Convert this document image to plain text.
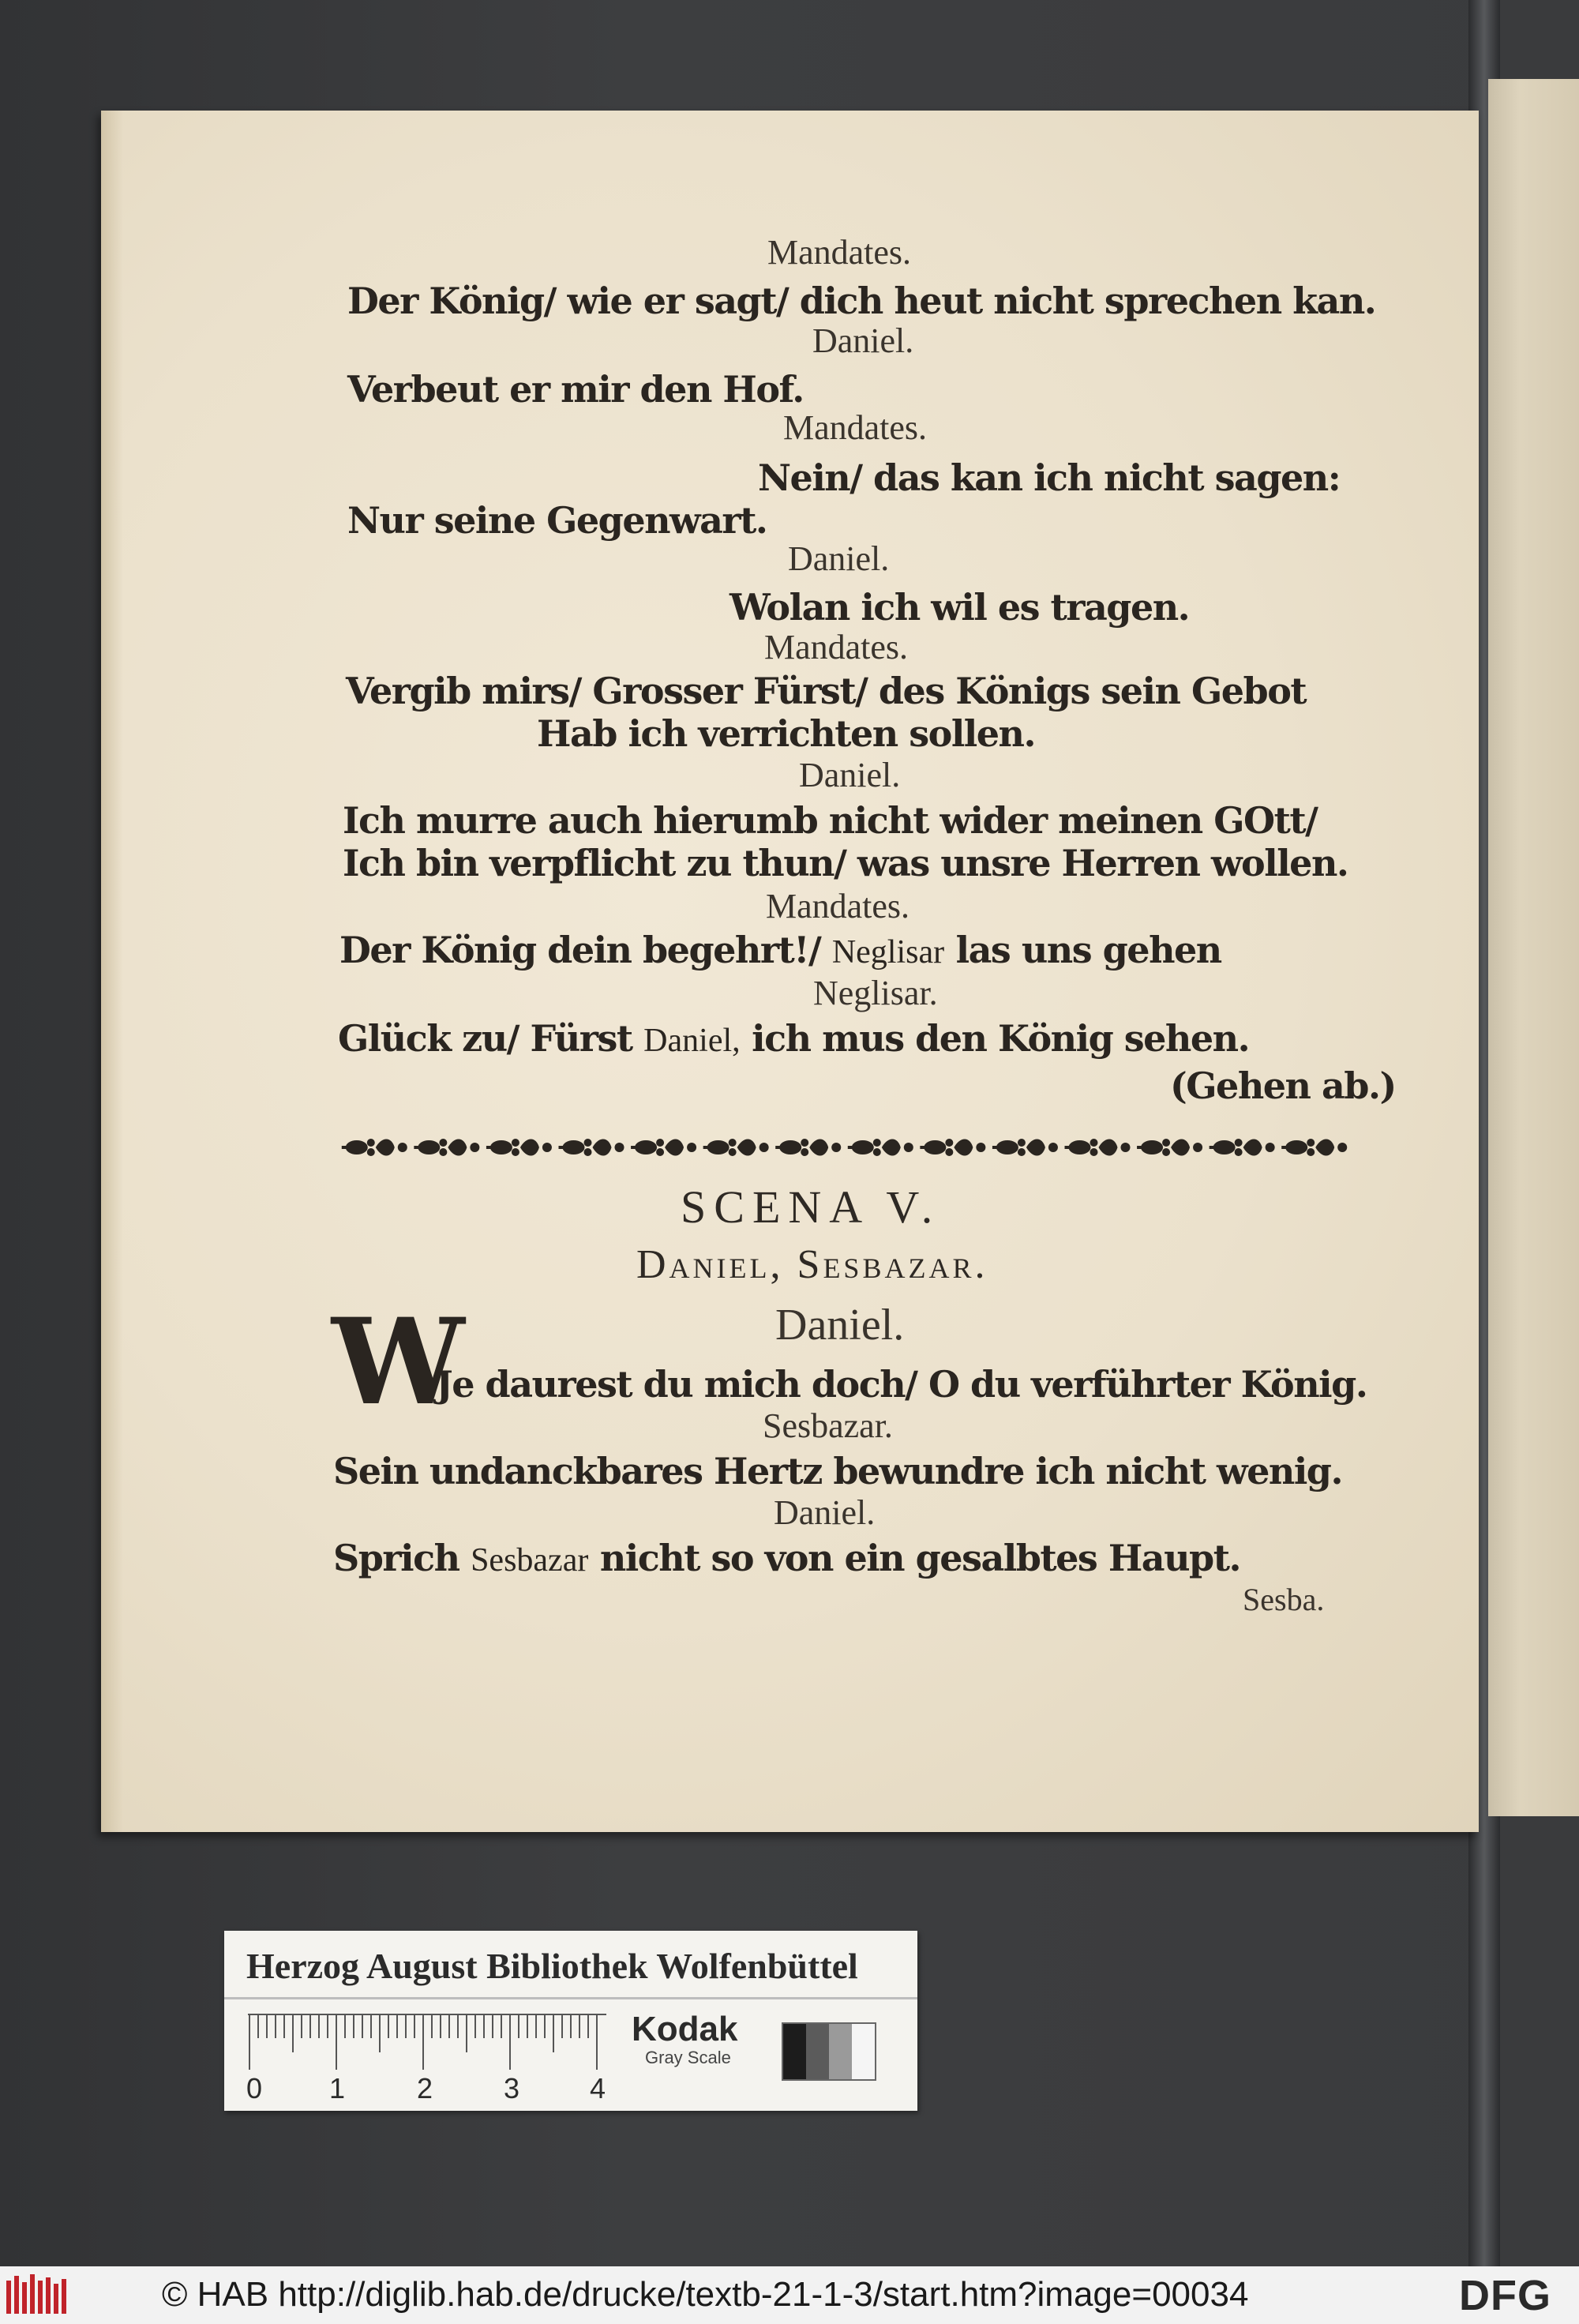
Mandates.

Der König/ wie er sagt/ dich heut nicht sprechen kan.

Daniel.

Verbeut er mir den Hof.

Mandates.

Nein/ das kan ich nicht sagen:

Nur seine Gegenwart.

Daniel.

Wolan ich wil es tragen.

Mandates.

Vergib mirs/ Grosser Fürst/ des Königs sein Gebot

Hab ich verrichten sollen.

Daniel.

Ich murre auch hierumb nicht wider meinen GOtt/

Ich bin verpflicht zu thun/ was unsre Herren wollen.

Mandates.

Der König dein begehrt!/ Neglisar las uns gehen

Neglisar.

Glück zu/ Fürst Daniel, ich mus den König sehen.

(Gehen ab.)

SCENA V.

Daniel, Sesbazar.

Daniel.

W

Je daurest du mich doch/ O du verführter König.

Sesbazar.

Sein undanckbares Hertz bewundre ich nicht wenig.

Daniel.

Sprich Sesbazar nicht so von ein gesalbtes Haupt.

Sesba.

Herzog August Bibliothek Wolfenbüttel
0 1	2 3 4
Kodak
Gray Scale
© HAB http://diglib.hab.de/drucke/textb-21-1-3/start.htm?image=00034	DFG
